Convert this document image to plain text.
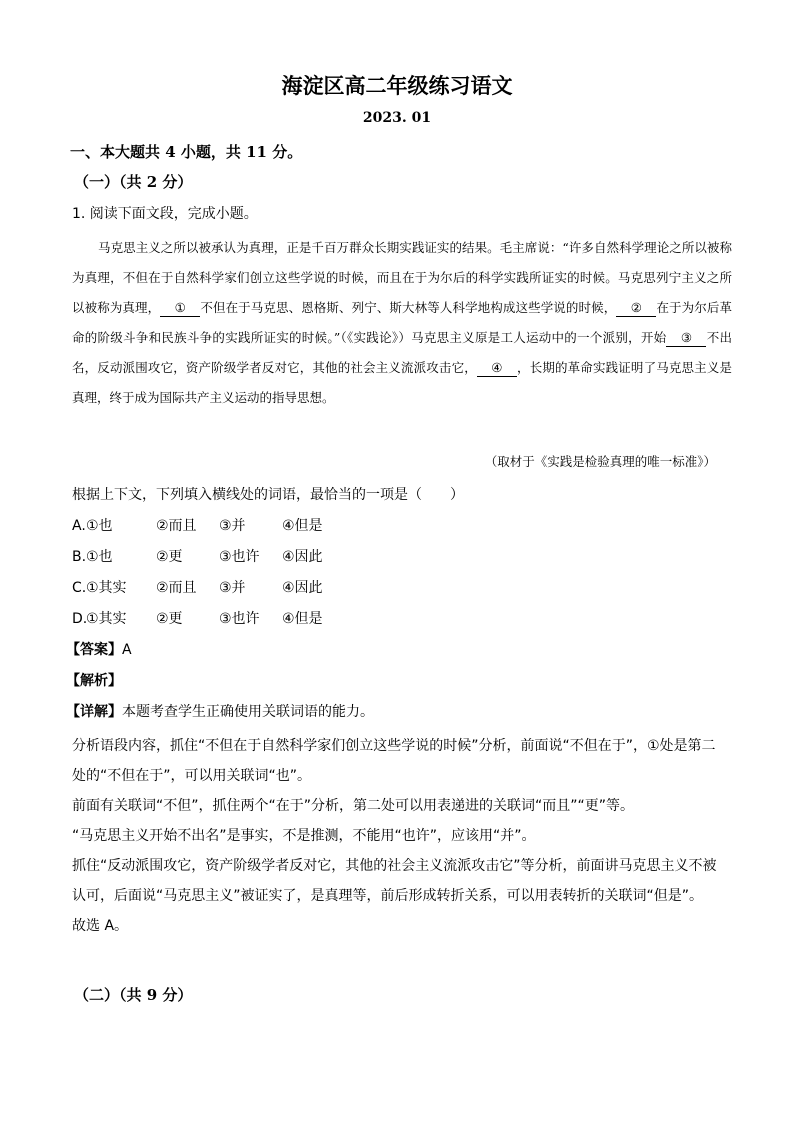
海淀区高二年级练习语文
2023. 01
一、本大题共 4 小题，共 11 分。
（一）（共 2 分）
1. 阅读下面文段，完成小题。

马克思主义之所以被承认为真理，正是千百万群众长期实践证实的结果。毛主席说：“许多自然科学理论之所以被称为真理，不但在于自然科学家们创立这些学说的时候，而且在于为尔后的科学实践所证实的时候。马克思列宁主义之所以被称为真理， ① 不但在于马克思、恩格斯、列宁、斯大林等人科学地构成这些学说的时候， ② 在于为尔后革命的阶级斗争和民族斗争的实践所证实的时候。”（《实践论》）马克思主义原是工人运动中的一个派别，开始 ③ 不出名，反动派围攻它，资产阶级学者反对它，其他的社会主义流派攻击它， ④ ，长期的革命实践证明了马克思主义是真理，终于成为国际共产主义运动的指导思想。

（取材于《实践是检验真理的唯一标准》）
根据上下文，下列填入横线处的词语，最恰当的一项是（　　）
A.①也	②而且 ③并	④但是
B.①也	②更	③也许 ④因此
C.①其实 ②而且 ③并	④因此
D.①其实 ②更	③也许 ④但是
【答案】A
【解析】
【详解】本题考查学生正确使用关联词语的能力。

分析语段内容，抓住“不但在于自然科学家们创立这些学说的时候”分析，前面说“不但在于”，①处是第二处的“不但在于”，可以用关联词“也”。

前面有关联词“不但”，抓住两个“在于”分析，第二处可以用表递进的关联词“而且”“更”等。

“马克思主义开始不出名”是事实，不是推测，不能用“也许”，应该用“并”。

抓住“反动派围攻它，资产阶级学者反对它，其他的社会主义流派攻击它”等分析，前面讲马克思主义不被认可，后面说“马克思主义”被证实了，是真理等，前后形成转折关系，可以用表转折的关联词“但是”。

故选 A。

（二）（共 9 分）
